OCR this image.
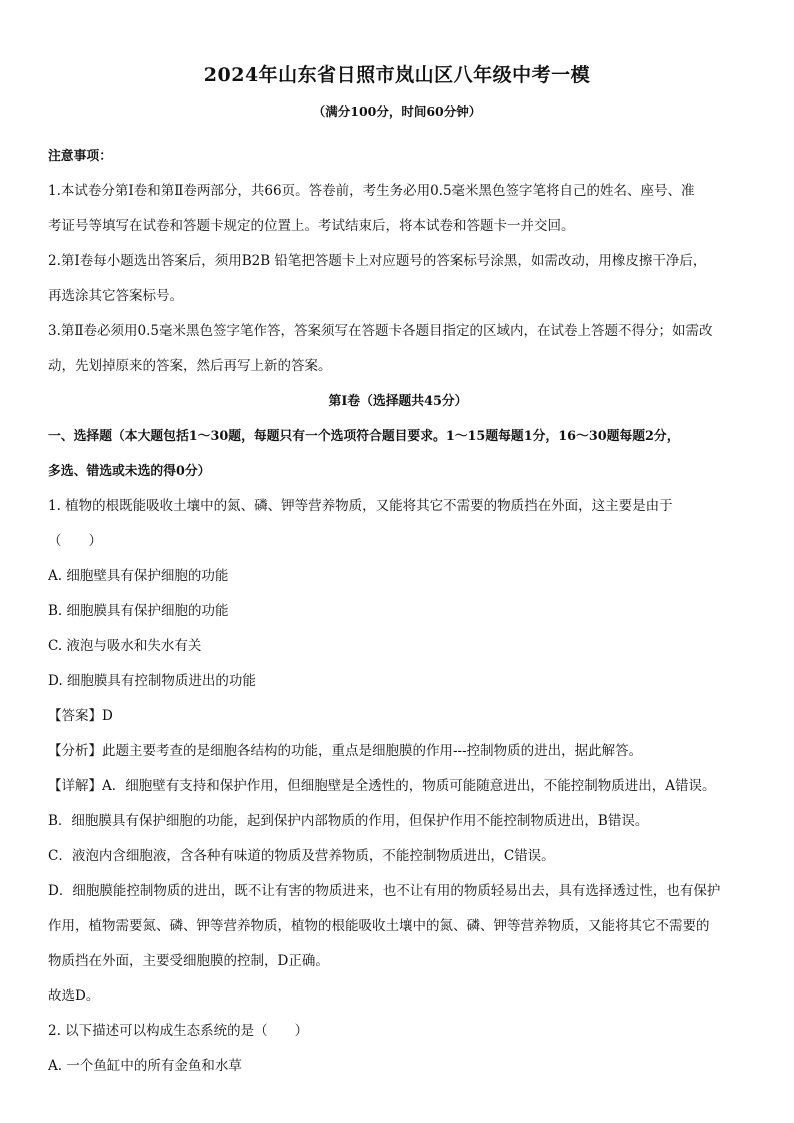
2024年山东省日照市岚山区八年级中考一模
（满分100分，时间60分钟）
注意事项：
1.本试卷分第Ⅰ卷和第Ⅱ卷两部分，共66页。答卷前，考生务必用0.5毫米黑色签字笔将自己的姓名、座号、准
考证号等填写在试卷和答题卡规定的位置上。考试结束后，将本试卷和答题卡一并交回。
2.第Ⅰ卷每小题选出答案后，须用B2B 铅笔把答题卡上对应题号的答案标号涂黑，如需改动，用橡皮擦干净后，
再选涂其它答案标号。
3.第Ⅱ卷必须用0.5毫米黑色签字笔作答，答案须写在答题卡各题目指定的区域内，在试卷上答题不得分；如需改
动，先划掉原来的答案，然后再写上新的答案。
第Ⅰ卷（选择题共45分）
一、选择题（本大题包括1～30题，每题只有一个选项符合题目要求。1～15题每题1分，16～30题每题2分，
多选、错选或未选的得0分）
1. 植物的根既能吸收土壤中的氮、磷、钾等营养物质，又能将其它不需要的物质挡在外面，这主要是由于
（　　）
A. 细胞壁具有保护细胞的功能
B. 细胞膜具有保护细胞的功能
C. 液泡与吸水和失水有关
D. 细胞膜具有控制物质进出的功能
【答案】D
【分析】此题主要考查的是细胞各结构的功能，重点是细胞膜的作用---控制物质的进出，据此解答。
【详解】A．细胞壁有支持和保护作用，但细胞壁是全透性的，物质可能随意进出，不能控制物质进出，A错误。
B．细胞膜具有保护细胞的功能，起到保护内部物质的作用，但保护作用不能控制物质进出，B错误。
C．液泡内含细胞液，含各种有味道的物质及营养物质，不能控制物质进出，C错误。
D．细胞膜能控制物质的进出，既不让有害的物质进来，也不让有用的物质轻易出去，具有选择透过性，也有保护
作用，植物需要氮、磷、钾等营养物质，植物的根能吸收土壤中的氮、磷、钾等营养物质，又能将其它不需要的
物质挡在外面，主要受细胞膜的控制，D正确。
故选D。
2. 以下描述可以构成生态系统的是（　　）
A. 一个鱼缸中的所有金鱼和水草
